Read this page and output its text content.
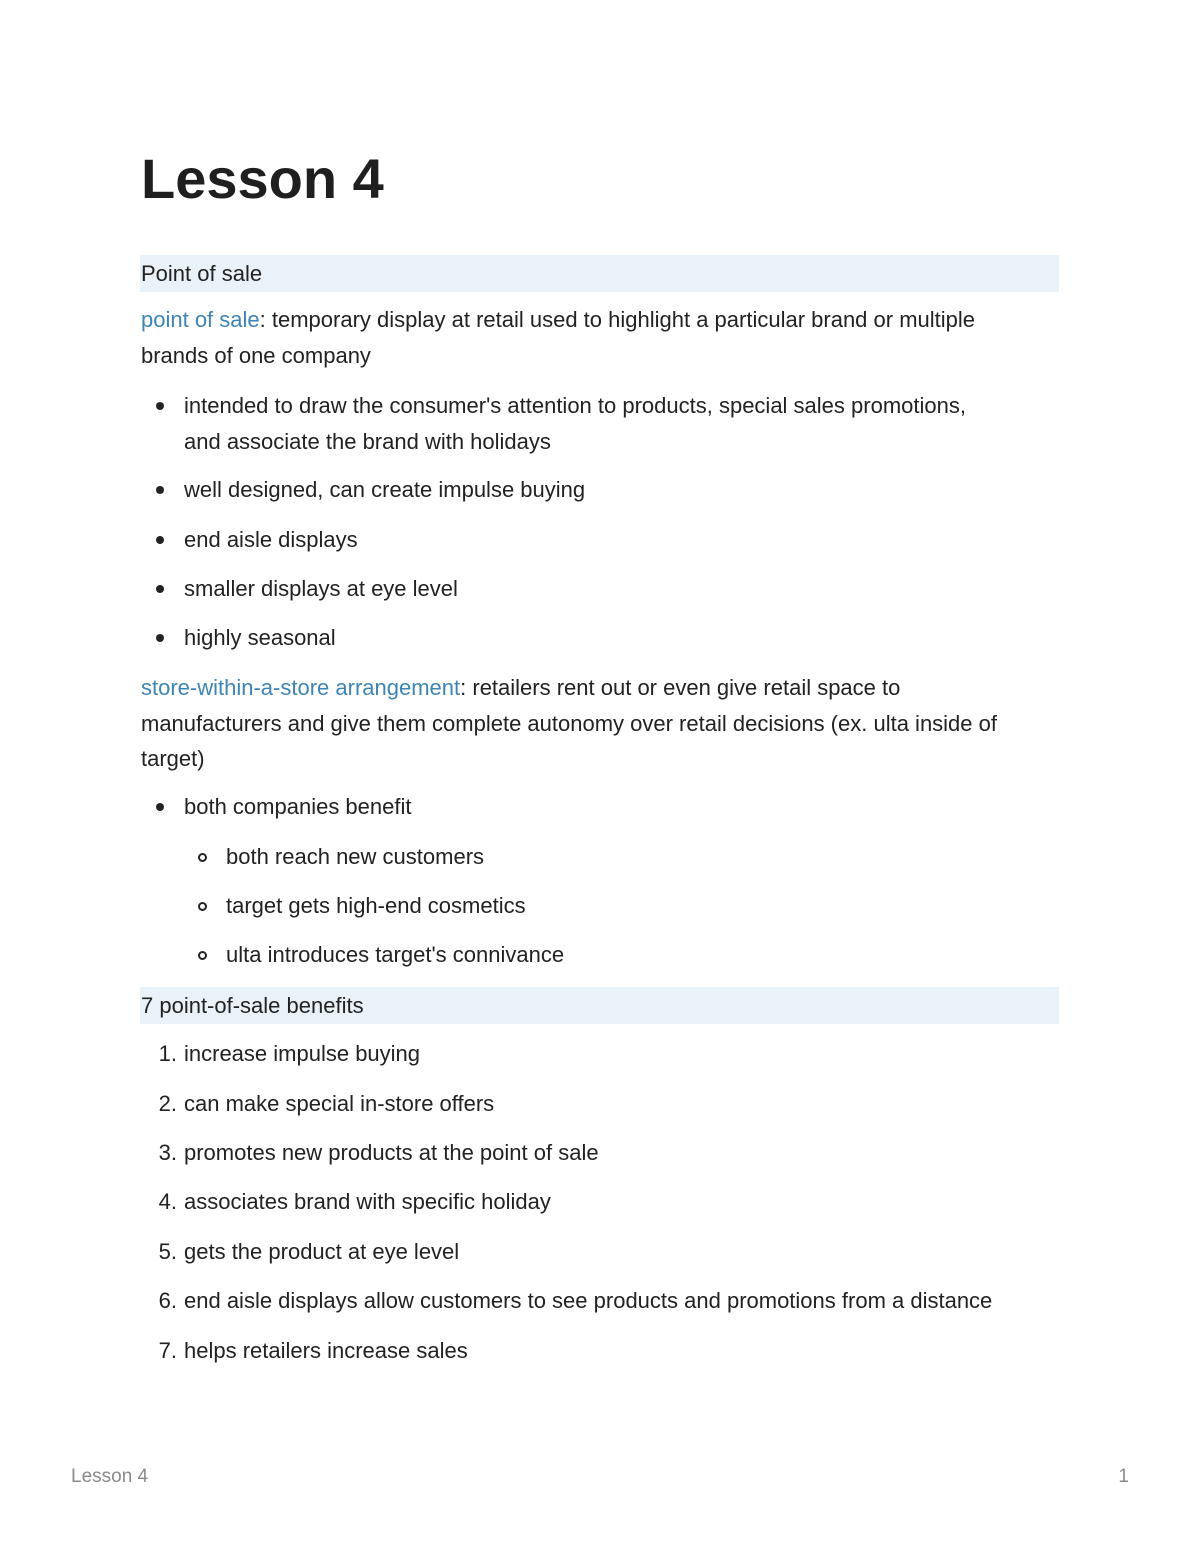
Lesson 4
Point of sale

point of sale: temporary display at retail used to highlight a particular brand or multiple
brands of one company

intended to draw the consumer's attention to products, special sales promotions,
and associate the brand with holidays
well designed, can create impulse buying
end aisle displays
smaller displays at eye level
highly seasonal

store-within-a-store arrangement: retailers rent out or even give retail space to
manufacturers and give them complete autonomy over retail decisions (ex. ulta inside of
target)

both companies benefit
both reach new customers
target gets high-end cosmetics
ulta introduces target's connivance
7 point-of-sale benefits
1. increase impulse buying
2. can make special in-store offers
3. promotes new products at the point of sale
4. associates brand with specific holiday
5. gets the product at eye level
6. end aisle displays allow customers to see products and promotions from a distance
7. helps retailers increase sales
Lesson 4	1
